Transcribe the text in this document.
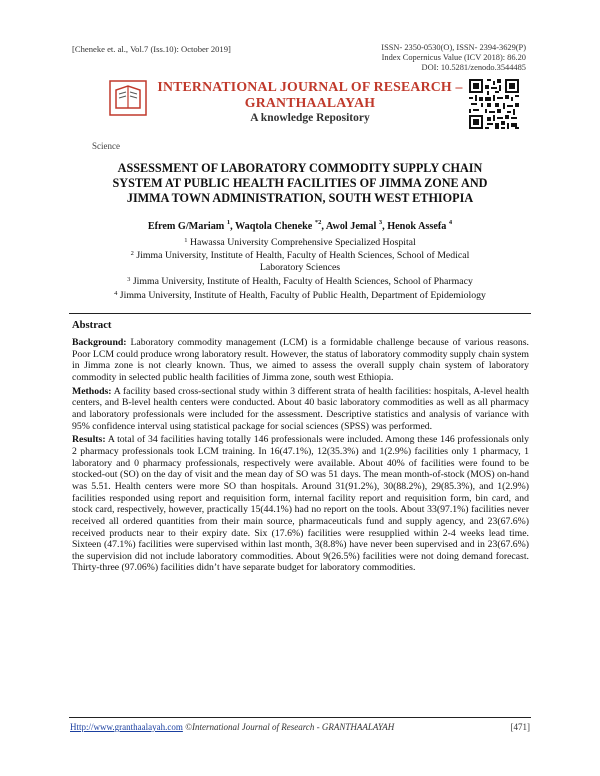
[Cheneke et. al., Vol.7 (Iss.10): October 2019]	ISSN- 2350-0530(O), ISSN- 2394-3629(P)
Index Copernicus Value (ICV 2018): 86.20
DOI: 10.5281/zenodo.3544485
INTERNATIONAL JOURNAL OF RESEARCH –
GRANTHAALAYAH
A knowledge Repository
Science
ASSESSMENT OF LABORATORY COMMODITY SUPPLY CHAIN
SYSTEM AT PUBLIC HEALTH FACILITIES OF JIMMA ZONE AND
JIMMA TOWN ADMINISTRATION, SOUTH WEST ETHIOPIA
Efrem G/Mariam $^1$, Waqtola Cheneke $^{*2}$, Awol Jemal $^3$, Henok Assefa $^4$
$^1$ Hawassa University Comprehensive Specialized Hospital
$^2$ Jimma University, Institute of Health, Faculty of Health Sciences, School of Medical
Laboratory Sciences
$^3$ Jimma University, Institute of Health, Faculty of Health Sciences, School of Pharmacy
$^4$ Jimma University, Institute of Health, Faculty of Public Health, Department of Epidemiology
Abstract

Background: Laboratory commodity management (LCM) is a formidable challenge because of various reasons. Poor LCM could produce wrong laboratory result. However, the status of laboratory commodity supply chain system in Jimma zone is not clearly known. Thus, we aimed to assess the overall supply chain system of laboratory commodity in selected public health facilities of Jimma zone, south west Ethiopia.

Methods: A facility based cross-sectional study within 3 different strata of health facilities: hospitals, A-level health centers, and B-level health centers were conducted. About 40 basic laboratory commodities as well as all pharmacy and laboratory professionals were included for the assessment. Descriptive statistics and analysis of variance with 95% confidence interval using statistical package for social sciences (SPSS) was performed.

Results: A total of 34 facilities having totally 146 professionals were included. Among these 146 professionals only 2 pharmacy professionals took LCM training. In 16(47.1%), 12(35.3%) and 1(2.9%) facilities only 1 pharmacy, 1 laboratory and 0 pharmacy professionals, respectively were available. About 40% of facilities were found to be stocked-out (SO) on the day of visit and the mean day of SO was 51 days. The mean month-of-stock (MOS) on-hand was 5.51. Health centers were more SO than hospitals. Around 31(91.2%), 30(88.2%), 29(85.3%), and 1(2.9%) facilities responded using report and requisition form, internal facility report and requisition form, bin card, and stock card, respectively, however, practically 15(44.1%) had no report on the tools. About 33(97.1%) facilities never received all ordered quantities from their main source, pharmaceuticals fund and supply agency, and 23(67.6%) received products near to their expiry date. Six (17.6%) facilities were resupplied within 2-4 weeks lead time. Sixteen (47.1%) facilities were supervised within last month, 3(8.8%) have never been supervised and in 23(67.6%) the supervision did not include laboratory commodities. About 9(26.5%) facilities were not doing demand forecast. Thirty-three (97.06%) facilities didn’t have separate budget for laboratory commodities.

Http://www.granthaalayah.com ©International Journal of Research - GRANTHAALAYAH	[471]
